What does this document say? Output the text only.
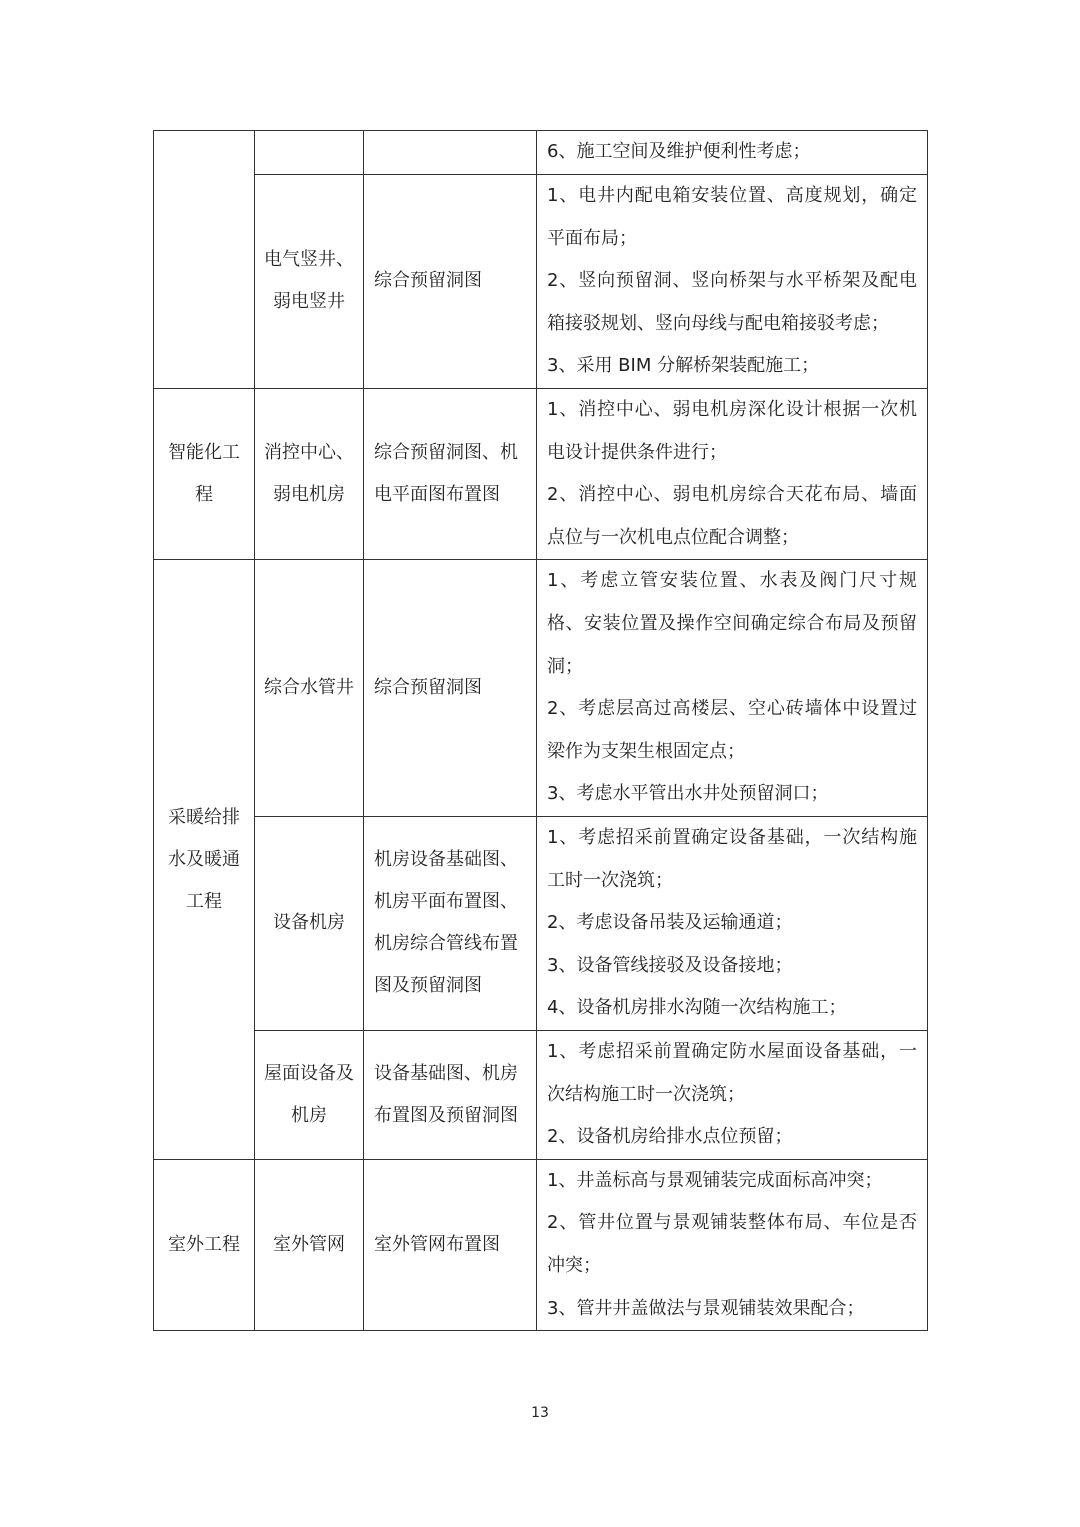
			6、施工空间及维护便利性考虑；

	电气竖井、弱电竖井	综合预留洞图	1、电井内配电箱安装位置、高度规划，确定平面布局；
2、竖向预留洞、竖向桥架与水平桥架及配电箱接驳规划、竖向母线与配电箱接驳考虑；
3、采用 BIM 分解桥架装配施工；

智能化工程	消控中心、弱电机房	综合预留洞图、机电平面图布置图	1、消控中心、弱电机房深化设计根据一次机电设计提供条件进行；
2、消控中心、弱电机房综合天花布局、墙面点位与一次机电点位配合调整；

采暖给排水及暖通工程	综合水管井	综合预留洞图	1、考虑立管安装位置、水表及阀门尺寸规格、安装位置及操作空间确定综合布局及预留洞；
2、考虑层高过高楼层、空心砖墙体中设置过梁作为支架生根固定点；
3、考虑水平管出水井处预留洞口；

	设备机房	机房设备基础图、机房平面布置图、机房综合管线布置图及预留洞图	1、考虑招采前置确定设备基础，一次结构施工时一次浇筑；
2、考虑设备吊装及运输通道；
3、设备管线接驳及设备接地；
4、设备机房排水沟随一次结构施工；

	屋面设备及机房	设备基础图、机房布置图及预留洞图	1、考虑招采前置确定防水屋面设备基础，一次结构施工时一次浇筑；
2、设备机房给排水点位预留；

室外工程	室外管网	室外管网布置图	1、井盖标高与景观铺装完成面标高冲突；
2、管井位置与景观铺装整体布局、车位是否冲突；
3、管井井盖做法与景观铺装效果配合；
13
